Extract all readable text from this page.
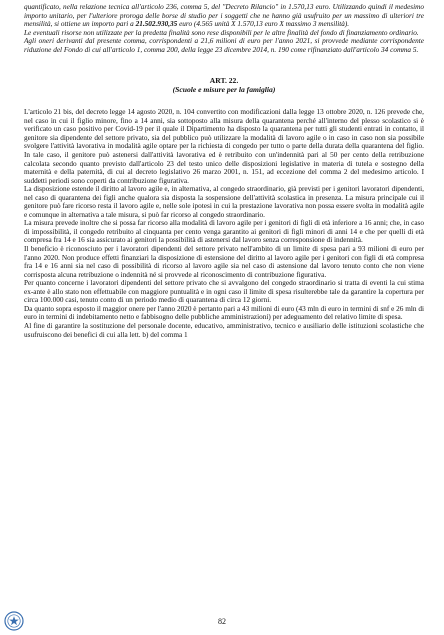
quantificato, nella relazione tecnica all'articolo 236, comma 5, del "Decreto Rilancio" in 1.570,13 euro. Utilizzando quindi il medesimo importo unitario, per l'ulteriore proroga delle borse di studio per i soggetti che ne hanno già usufruito per un massimo di ulteriori tre mensilità, si ottiene un importo pari a 21.502.930,35 euro (4.565 unità X 1.570,13 euro X massimo 3 mensilità).

Le eventuali risorse non utilizzate per la predetta finalità sono rese disponibili per le altre finalità del fondo di finanziamento ordinario.

Agli oneri derivanti dal presente comma, corrispondenti a 21,6 milioni di euro per l'anno 2021, si provvede mediante corrispondente riduzione del Fondo di cui all'articolo 1, comma 200, della legge 23 dicembre 2014, n. 190 come rifinanziato dall'articolo 34 comma 5.

ART. 22.
(Scuole e misure per la famiglia)

L'articolo 21 bis, del decreto legge 14 agosto 2020, n. 104 convertito con modificazioni dalla legge 13 ottobre 2020, n. 126 prevede che, nel caso in cui il figlio minore, fino a 14 anni, sia sottoposto alla misura della quarantena perché all'interno del plesso scolastico si è verificato un caso positivo per Covid-19 per il quale il Dipartimento ha disposto la quarantena per tutti gli studenti entrati in contatto, il genitore sia dipendente del settore privato, sia del pubblico può utilizzare la modalità di lavoro agile o in caso in caso non sia possibile svolgere l'attività lavorativa in modalità agile optare per la richiesta di congedo per tutto o parte della durata della quarantena del figlio. In tale caso, il genitore può astenersi dall'attività lavorativa ed è retribuito con un'indennità pari al 50 per cento della retribuzione calcolata secondo quanto previsto dall'articolo 23 del testo unico delle disposizioni legislative in materia di tutela e sostegno della maternità e della paternità, di cui al decreto legislativo 26 marzo 2001, n. 151, ad eccezione del comma 2 del medesimo articolo. I suddetti periodi sono coperti da contribuzione figurativa.

La disposizione estende il diritto al lavoro agile e, in alternativa, al congedo straordinario, già previsti per i genitori lavoratori dipendenti, nel caso di quarantena dei figli anche qualora sia disposta la sospensione dell'attività scolastica in presenza. La misura principale cui il genitore può fare ricorso resta il lavoro agile e, nelle sole ipotesi in cui la prestazione lavorativa non possa essere svolta in modalità agile e comunque in alternativa a tale misura, si può far ricorso al congedo straordinario.

La misura prevede inoltre che si possa far ricorso alla modalità di lavoro agile per i genitori di figli di età inferiore a 16 anni; che, in caso di impossibilità, il congedo retribuito al cinquanta per cento venga garantito ai genitori di figli minori di anni 14 e che per quelli di età compresa fra 14 e 16 sia assicurato ai genitori la possibilità di astenersi dal lavoro senza corresponsione di indennità.

Il beneficio è riconosciuto per i lavoratori dipendenti del settore privato nell'ambito di un limite di spesa pari a 93 milioni di euro per l'anno 2020. Non produce effetti finanziari la disposizione di estensione del diritto al lavoro agile per i genitori con figli di età compresa fra 14 e 16 anni sia nel caso di possibilità di ricorso al lavoro agile sia nel caso di astensione dal lavoro tenuto conto che non viene corrisposta alcuna retribuzione o indennità né si provvede al riconoscimento di contribuzione figurativa.

Per quanto concerne i lavoratori dipendenti del settore privato che si avvalgono del congedo straordinario si tratta di eventi la cui stima ex-ante è allo stato non effettuabile con maggiore puntualità e in ogni caso il limite di spesa risulterebbe tale da garantire la copertura per circa 100.000 casi, tenuto conto di un periodo medio di quarantena di circa 12 giorni.

Da quanto sopra esposto il maggior onere per l'anno 2020 è pertanto pari a 43 milioni di euro (43 mln di euro in termini di snf e 26 mln di euro in termini di indebitamento netto e fabbisogno delle pubbliche amministrazioni) per adeguamento del relativo limite di spesa.

Al fine di garantire la sostituzione del personale docente, educativo, amministrativo, tecnico e ausiliario delle istituzioni scolastiche che usufruiscono dei benefici di cui alla lett. b) del comma 1

82
